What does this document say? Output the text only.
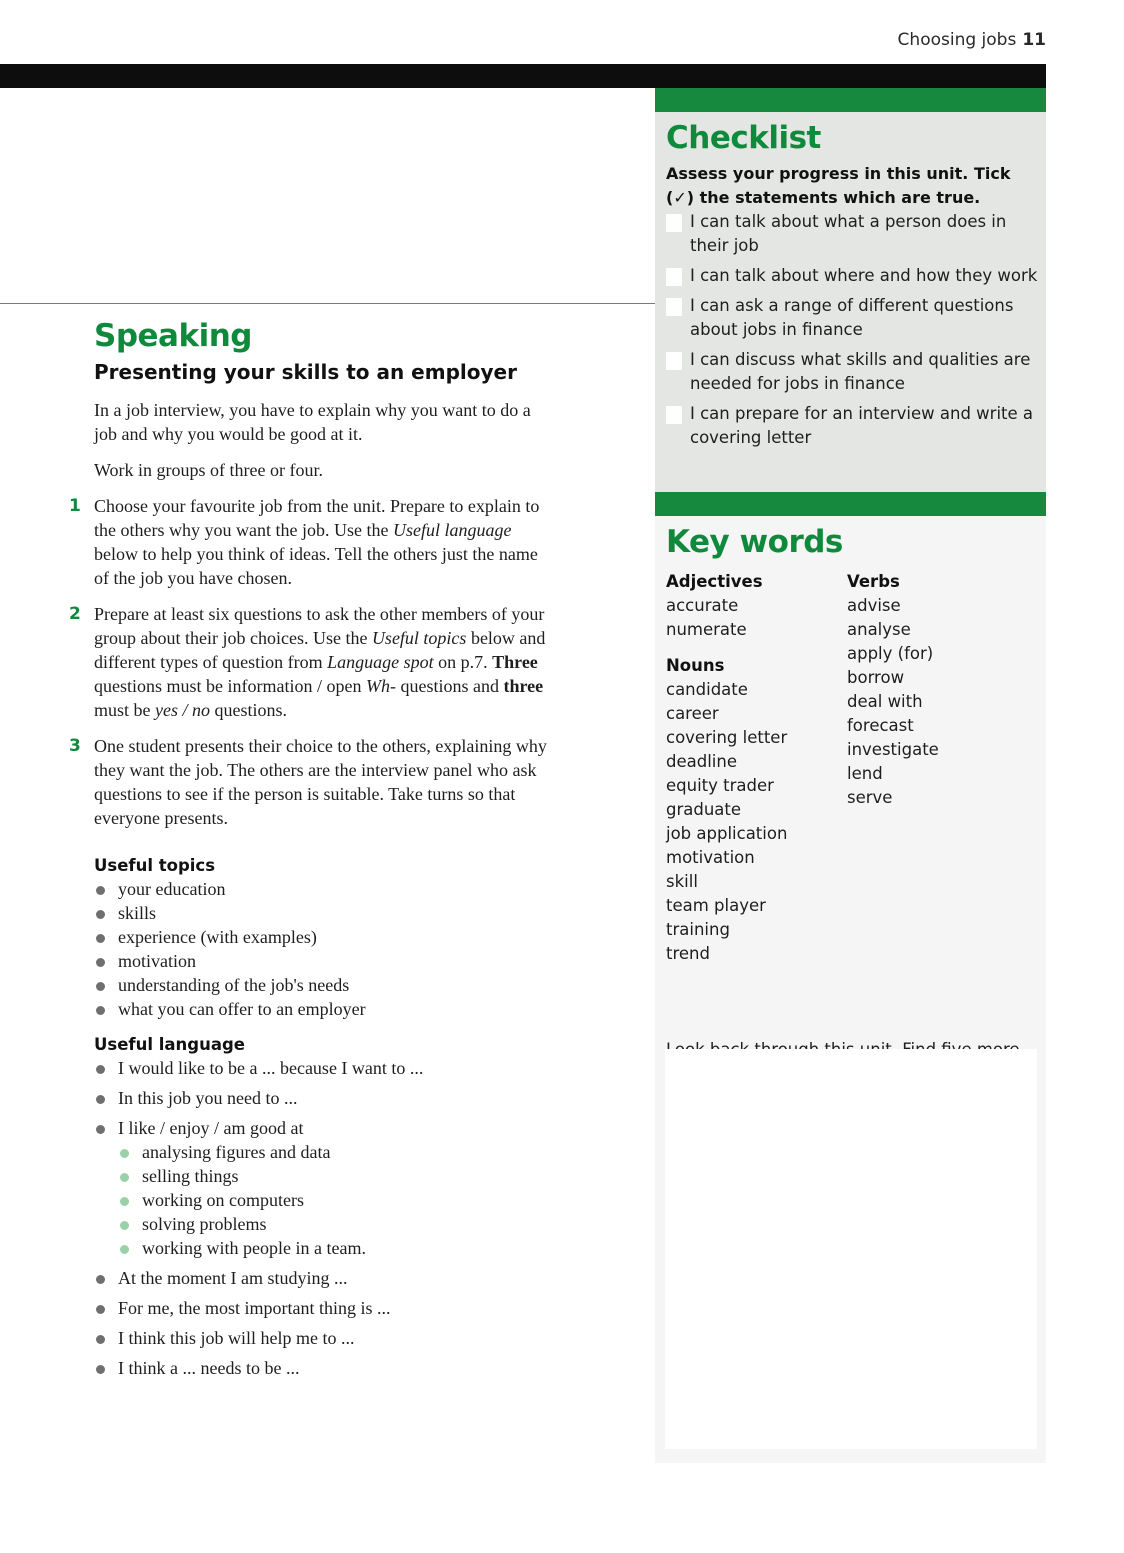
Choosing jobs 11
Speaking
Presenting your skills to an employer

In a job interview, you have to explain why you want to do a job and why you would be good at it.

Work in groups of three or four.

1 Choose your favourite job from the unit. Prepare to explain to the others why you want the job. Use the Useful language below to help you think of ideas. Tell the others just the name of the job you have chosen.
2 Prepare at least six questions to ask the other members of your group about their job choices. Use the Useful topics below and different types of question from Language spot on p.7. Three questions must be information / open Wh- questions and three must be yes / no questions.
3 One student presents their choice to the others, explaining why they want the job. The others are the interview panel who ask questions to see if the person is suitable. Take turns so that everyone presents.
Useful topics
your education
skills
experience (with examples)
motivation
understanding of the job's needs
what you can offer to an employer
Useful language
I would like to be a ... because I want to ...
In this job you need to ...
I like / enjoy / am good at
analysing figures and data
selling things
working on computers
solving problems
working with people in a team.
At the moment I am studying ...
For me, the most important thing is ...
I think this job will help me to ...
I think a ... needs to be ...
Checklist

Assess your progress in this unit. Tick (✓) the statements which are true.

I can talk about what a person does in their job
I can talk about where and how they work
I can ask a range of different questions about jobs in finance
I can discuss what skills and qualities are needed for jobs in finance
I can prepare for an interview and write a covering letter
Key words
Adjectives
accurate
numerate
Nouns
candidate
career
covering letter
deadline
equity trader
graduate
job application
motivation
skill
team player
training
trend
Verbs
advise
analyse
apply (for)
borrow
deal with
forecast
investigate
lend
serve
